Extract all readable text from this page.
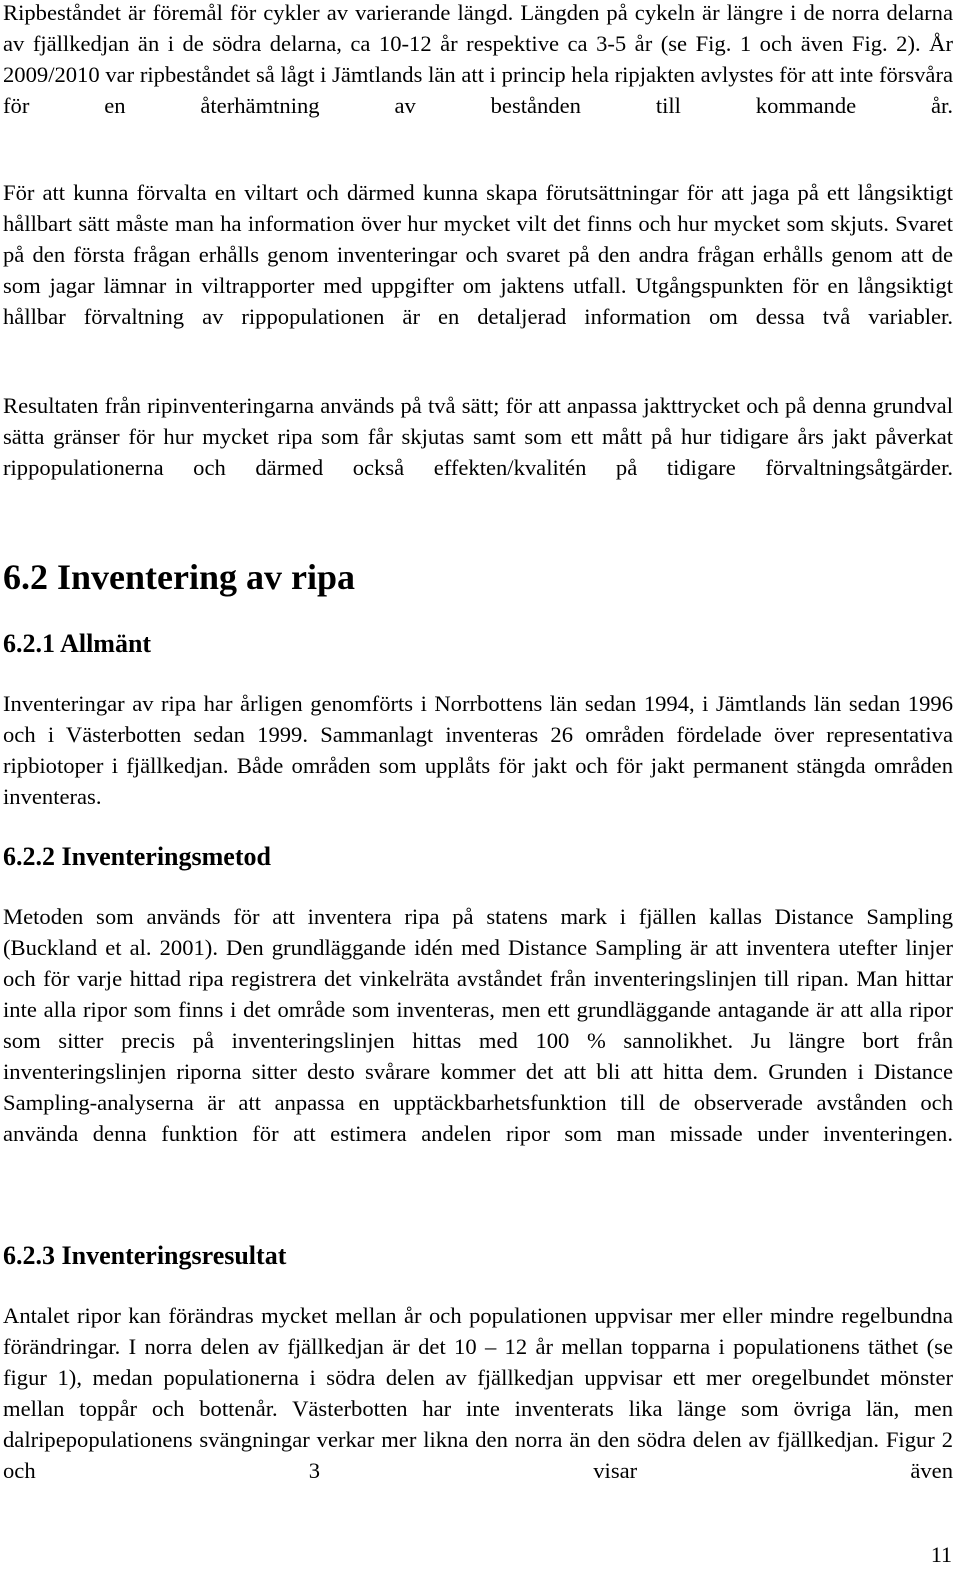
Ripbeståndet är föremål för cykler av varierande längd. Längden på cykeln är längre i de norra delarna av fjällkedjan än i de södra delarna, ca 10-12 år respektive ca 3-5 år (se Fig. 1 och även Fig. 2). År 2009/2010 var ripbeståndet så lågt i Jämtlands län att i princip hela ripjakten avlystes för att inte försvåra för en återhämtning av bestånden till kommande år.

För att kunna förvalta en viltart och därmed kunna skapa förutsättningar för att jaga på ett långsiktigt hållbart sätt måste man ha information över hur mycket vilt det finns och hur mycket som skjuts. Svaret på den första frågan erhålls genom inventeringar och svaret på den andra frågan erhålls genom att de som jagar lämnar in viltrapporter med uppgifter om jaktens utfall. Utgångspunkten för en långsiktigt hållbar förvaltning av rippopulationen är en detaljerad information om dessa två variabler.

Resultaten från ripinventeringarna används på två sätt; för att anpassa jakttrycket och på denna grundval sätta gränser för hur mycket ripa som får skjutas samt som ett mått på hur tidigare års jakt påverkat rippopulationerna och därmed också effekten/kvalitén på tidigare förvaltningsåtgärder.

6.2 Inventering av ripa
6.2.1 Allmänt

Inventeringar av ripa har årligen genomförts i Norrbottens län sedan 1994, i Jämtlands län sedan 1996 och i Västerbotten sedan 1999. Sammanlagt inventeras 26 områden fördelade över representativa ripbiotoper i fjällkedjan. Både områden som upplåts för jakt och för jakt permanent stängda områden inventeras.

6.2.2 Inventeringsmetod

Metoden som används för att inventera ripa på statens mark i fjällen kallas Distance Sampling (Buckland et al. 2001). Den grundläggande idén med Distance Sampling är att inventera utefter linjer och för varje hittad ripa registrera det vinkelräta avståndet från inventeringslinjen till ripan. Man hittar inte alla ripor som finns i det område som inventeras, men ett grundläggande antagande är att alla ripor som sitter precis på inventeringslinjen hittas med 100 % sannolikhet. Ju längre bort från inventeringslinjen riporna sitter desto svårare kommer det att bli att hitta dem. Grunden i Distance Sampling-analyserna är att anpassa en upptäckbarhetsfunktion till de observerade avstånden och använda denna funktion för att estimera andelen ripor som man missade under inventeringen.

6.2.3 Inventeringsresultat

Antalet ripor kan förändras mycket mellan år och populationen uppvisar mer eller mindre regelbundna förändringar. I norra delen av fjällkedjan är det 10 – 12 år mellan topparna i populationens täthet (se figur 1), medan populationerna i södra delen av fjällkedjan uppvisar ett mer oregelbundet mönster mellan toppår och bottenår. Västerbotten har inte inventerats lika länge som övriga län, men dalripepopulationens svängningar verkar mer likna den norra än den södra delen av fjällkedjan. Figur 2 och 3 visar även

11
